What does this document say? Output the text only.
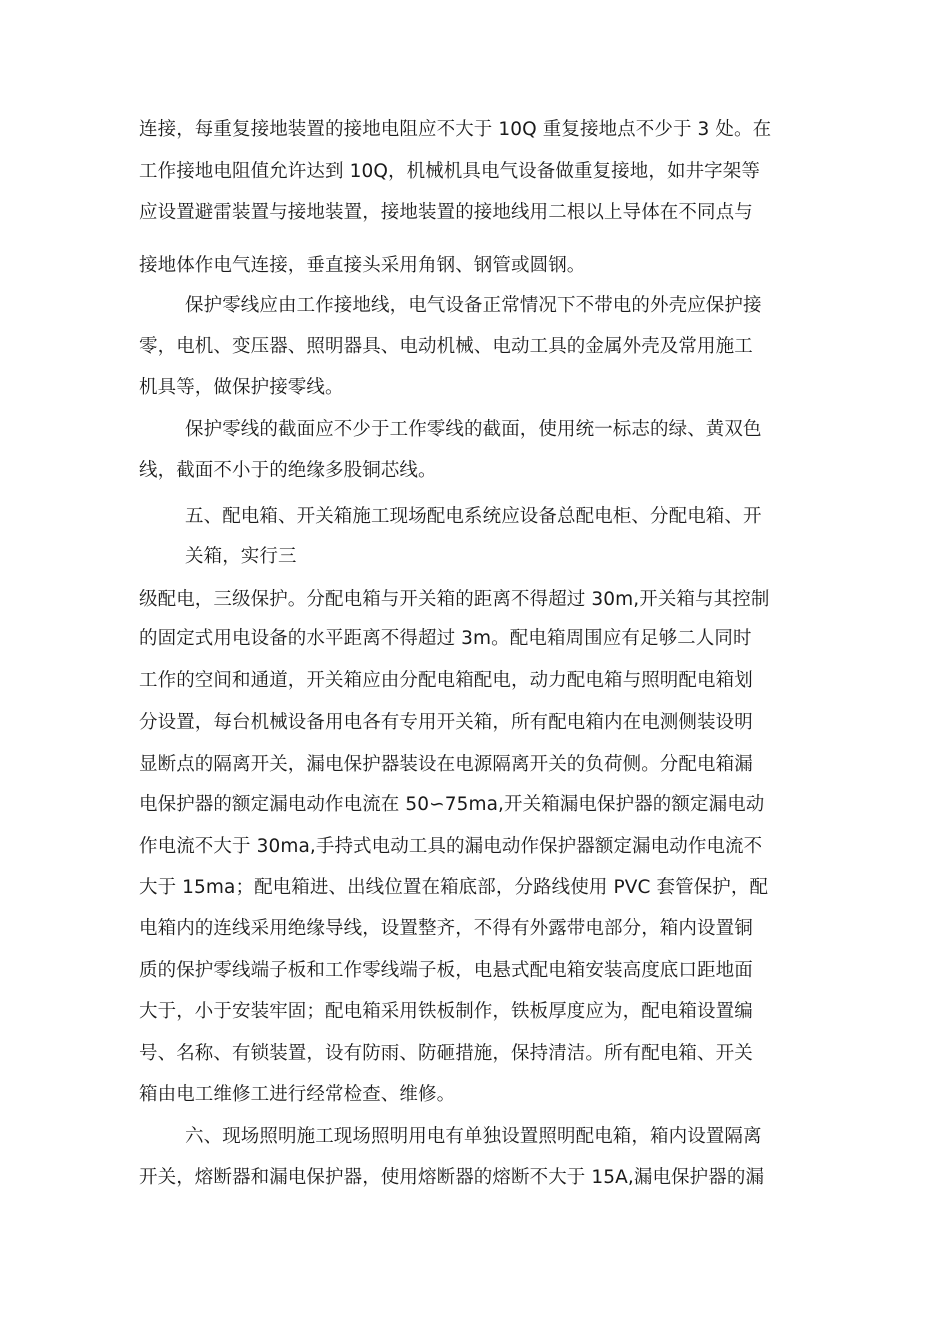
连接，每重复接地装置的接地电阻应不大于 10Q 重复接地点不少于 3 处。在
工作接地电阻值允许达到 10Q，机械机具电气设备做重复接地，如井字架等
应设置避雷装置与接地装置，接地装置的接地线用二根以上导体在不同点与
接地体作电气连接，垂直接头采用角钢、钢管或圆钢。
保护零线应由工作接地线，电气设备正常情况下不带电的外壳应保护接
零，电机、变压器、照明器具、电动机械、电动工具的金属外壳及常用施工
机具等，做保护接零线。
保护零线的截面应不少于工作零线的截面，使用统一标志的绿、黄双色
线，截面不小于的绝缘多股铜芯线。
五、配电箱、开关箱施工现场配电系统应设备总配电柜、分配电箱、开
关箱，实行三
级配电，三级保护。分配电箱与开关箱的距离不得超过 30m,开关箱与其控制
的固定式用电设备的水平距离不得超过 3m。配电箱周围应有足够二人同时
工作的空间和通道，开关箱应由分配电箱配电，动力配电箱与照明配电箱划
分设置，每台机械设备用电各有专用开关箱，所有配电箱内在电测侧装设明
显断点的隔离开关，漏电保护器装设在电源隔离开关的负荷侧。分配电箱漏
电保护器的额定漏电动作电流在 50∽75ma,开关箱漏电保护器的额定漏电动
作电流不大于 30ma,手持式电动工具的漏电动作保护器额定漏电动作电流不
大于 15ma；配电箱进、出线位置在箱底部，分路线使用 PVC 套管保护，配
电箱内的连线采用绝缘导线，设置整齐，不得有外露带电部分，箱内设置铜
质的保护零线端子板和工作零线端子板，电悬式配电箱安装高度底口距地面
大于，小于安装牢固；配电箱采用铁板制作，铁板厚度应为，配电箱设置编
号、名称、有锁装置，设有防雨、防砸措施，保持清洁。所有配电箱、开关
箱由电工维修工进行经常检查、维修。
六、现场照明施工现场照明用电有单独设置照明配电箱，箱内设置隔离
开关，熔断器和漏电保护器，使用熔断器的熔断不大于 15A,漏电保护器的漏
